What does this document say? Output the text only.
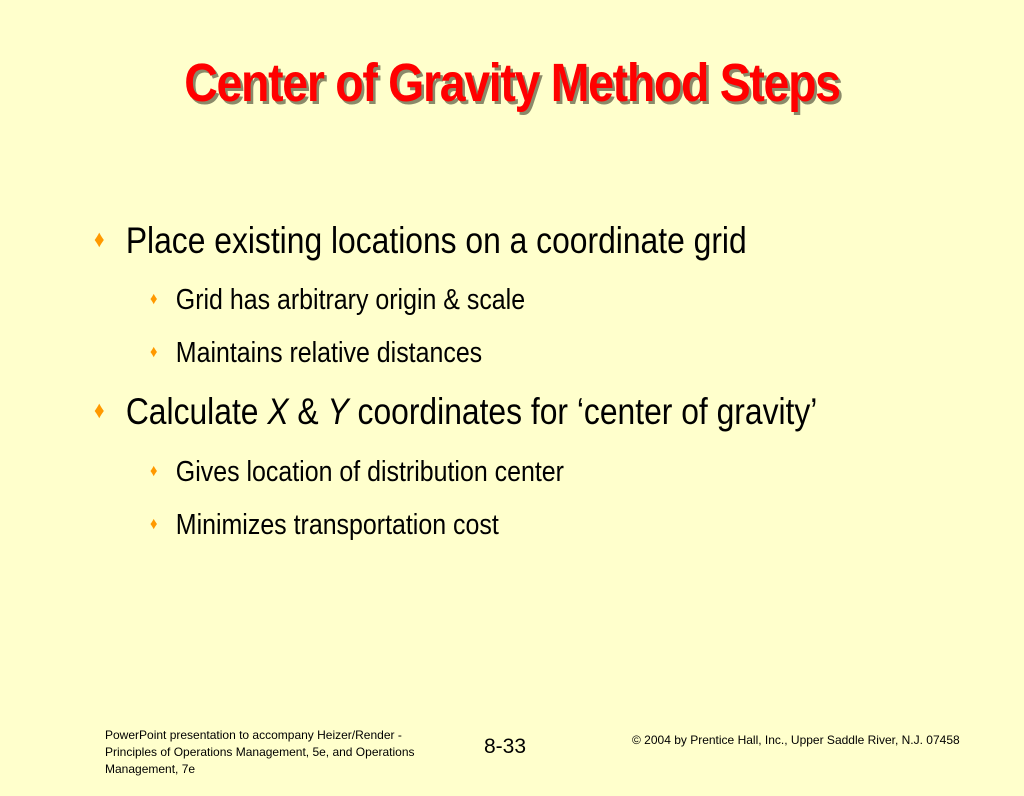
Center of Gravity Method Steps
♦ Place existing locations on a coordinate grid
♦ Grid has arbitrary origin & scale
♦ Maintains relative distances
♦ Calculate X & Y coordinates for ‘center of gravity’
♦ Gives location of distribution center
♦ Minimizes transportation cost
PowerPoint presentation to accompany Heizer/Render - Principles of Operations Management, 5e, and Operations Management, 7e
8-33	© 2004 by Prentice Hall, Inc., Upper Saddle River, N.J. 07458
